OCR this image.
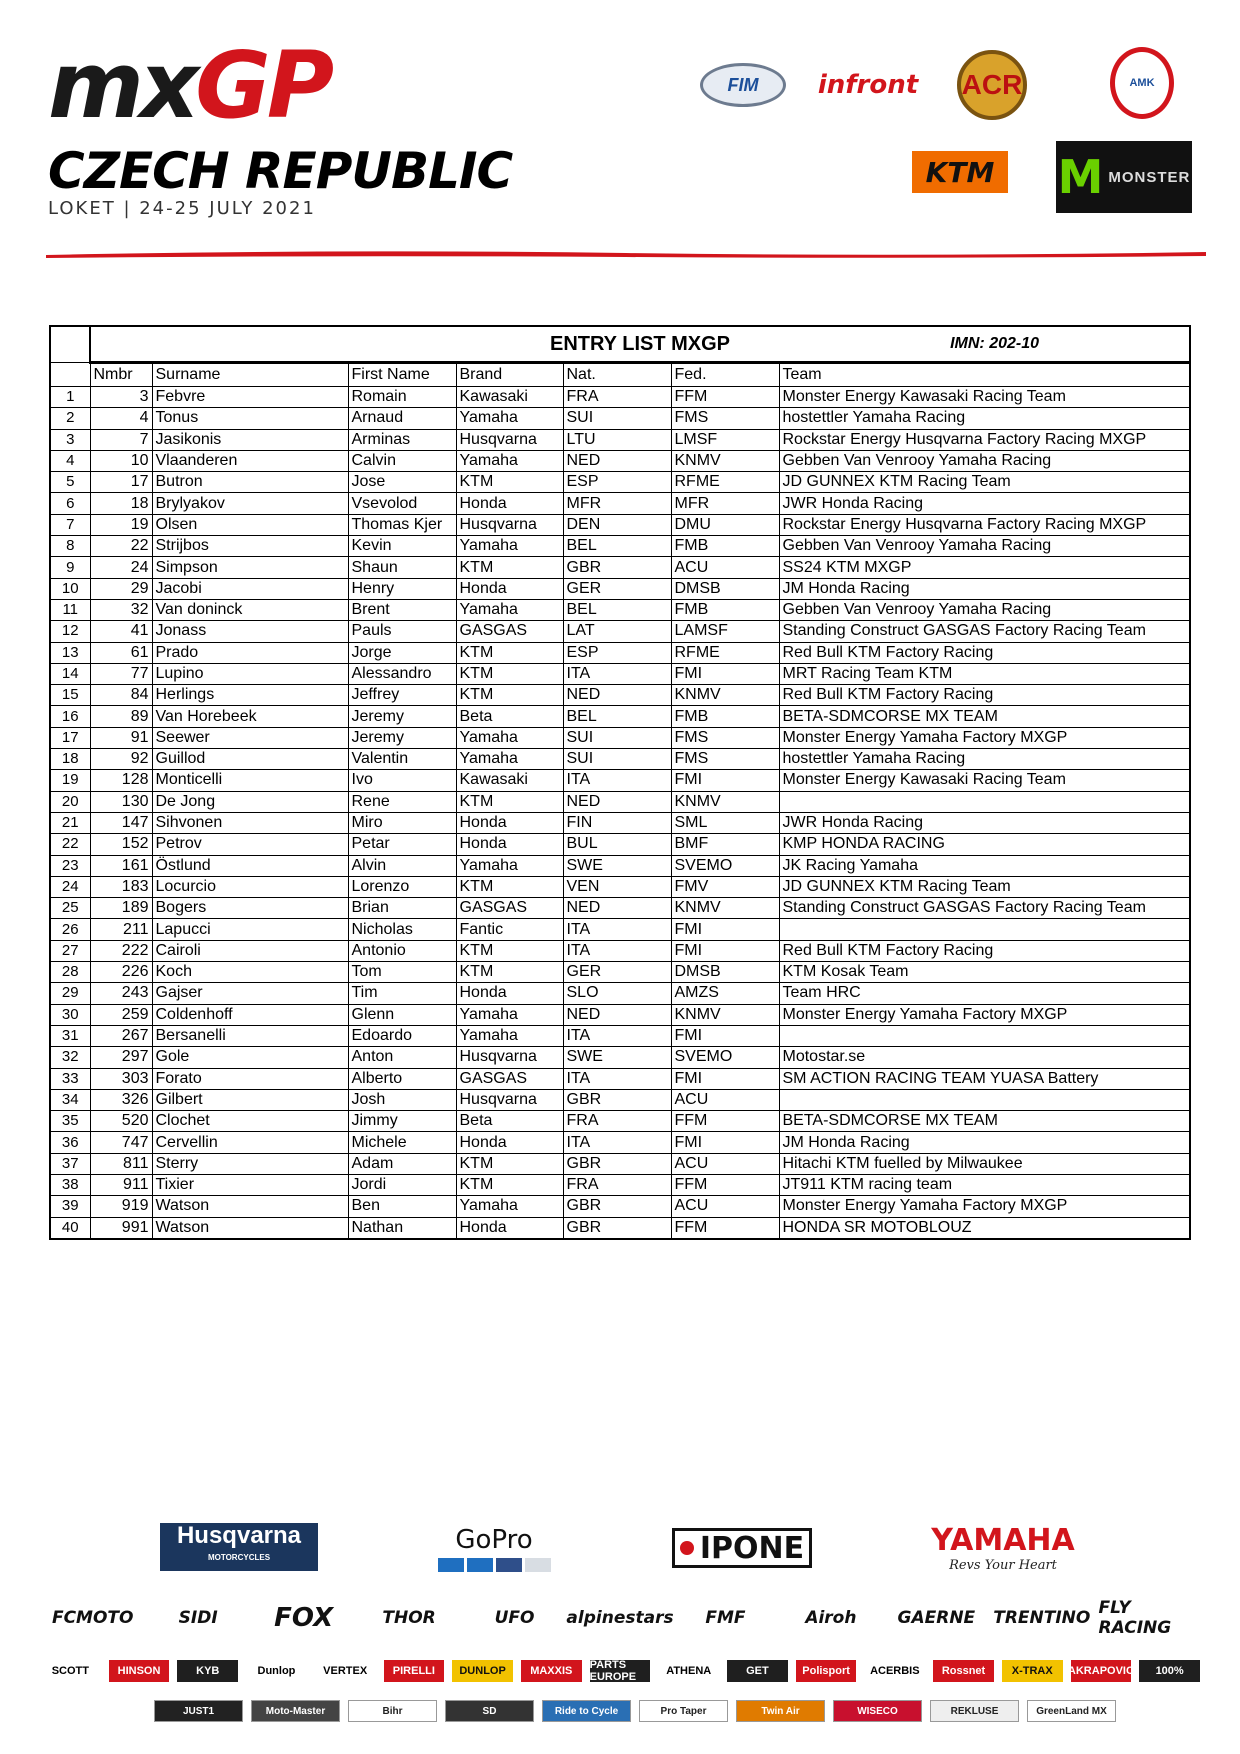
mxGP
CZECH REPUBLIC
LOKET | 24-25 JULY 2021
FIM	infront ACR	AMK
KTM M MONSTER
	ENTRY LIST MXGP IMN: 202-10						

	Nmbr	Surname	First Name	Brand	Nat.	Fed.	Team
1	3	Febvre	Romain	Kawasaki	FRA	FFM	Monster Energy Kawasaki Racing Team
2	4	Tonus	Arnaud	Yamaha	SUI	FMS	hostettler Yamaha Racing
3	7	Jasikonis	Arminas	Husqvarna	LTU	LMSF	Rockstar Energy Husqvarna Factory Racing MXGP
4	10	Vlaanderen	Calvin	Yamaha	NED	KNMV	Gebben Van Venrooy Yamaha Racing
5	17	Butron	Jose	KTM	ESP	RFME	JD GUNNEX KTM Racing Team
6	18	Brylyakov	Vsevolod	Honda	MFR	MFR	JWR Honda Racing
7	19	Olsen	Thomas Kjer	Husqvarna	DEN	DMU	Rockstar Energy Husqvarna Factory Racing MXGP
8	22	Strijbos	Kevin	Yamaha	BEL	FMB	Gebben Van Venrooy Yamaha Racing
9	24	Simpson	Shaun	KTM	GBR	ACU	SS24 KTM MXGP
10	29	Jacobi	Henry	Honda	GER	DMSB	JM Honda Racing
11	32	Van doninck	Brent	Yamaha	BEL	FMB	Gebben Van Venrooy Yamaha Racing
12	41	Jonass	Pauls	GASGAS	LAT	LAMSF	Standing Construct GASGAS Factory Racing Team
13	61	Prado	Jorge	KTM	ESP	RFME	Red Bull KTM Factory Racing
14	77	Lupino	Alessandro	KTM	ITA	FMI	MRT Racing Team KTM
15	84	Herlings	Jeffrey	KTM	NED	KNMV	Red Bull KTM Factory Racing
16	89	Van Horebeek	Jeremy	Beta	BEL	FMB	BETA-SDMCORSE MX TEAM
17	91	Seewer	Jeremy	Yamaha	SUI	FMS	Monster Energy Yamaha Factory MXGP
18	92	Guillod	Valentin	Yamaha	SUI	FMS	hostettler Yamaha Racing
19	128	Monticelli	Ivo	Kawasaki	ITA	FMI	Monster Energy Kawasaki Racing Team
20	130	De Jong	Rene	KTM	NED	KNMV	
21	147	Sihvonen	Miro	Honda	FIN	SML	JWR Honda Racing
22	152	Petrov	Petar	Honda	BUL	BMF	KMP HONDA RACING
23	161	Östlund	Alvin	Yamaha	SWE	SVEMO	JK Racing Yamaha
24	183	Locurcio	Lorenzo	KTM	VEN	FMV	JD GUNNEX KTM Racing Team
25	189	Bogers	Brian	GASGAS	NED	KNMV	Standing Construct GASGAS Factory Racing Team
26	211	Lapucci	Nicholas	Fantic	ITA	FMI	
27	222	Cairoli	Antonio	KTM	ITA	FMI	Red Bull KTM Factory Racing
28	226	Koch	Tom	KTM	GER	DMSB	KTM Kosak Team
29	243	Gajser	Tim	Honda	SLO	AMZS	Team HRC
30	259	Coldenhoff	Glenn	Yamaha	NED	KNMV	Monster Energy Yamaha Factory MXGP
31	267	Bersanelli	Edoardo	Yamaha	ITA	FMI	
32	297	Gole	Anton	Husqvarna	SWE	SVEMO	Motostar.se
33	303	Forato	Alberto	GASGAS	ITA	FMI	SM ACTION RACING TEAM YUASA Battery
34	326	Gilbert	Josh	Husqvarna	GBR	ACU	
35	520	Clochet	Jimmy	Beta	FRA	FFM	BETA-SDMCORSE MX TEAM
36	747	Cervellin	Michele	Honda	ITA	FMI	JM Honda Racing
37	811	Sterry	Adam	KTM	GBR	ACU	Hitachi KTM fuelled by Milwaukee
38	911	Tixier	Jordi	KTM	FRA	FFM	JT911 KTM racing team
39	919	Watson	Ben	Yamaha	GBR	ACU	Monster Energy Yamaha Factory MXGP
40	991	Watson	Nathan	Honda	GBR	FFM	HONDA SR MOTOBLOUZ
Husqvarna
MOTORCYCLES
GoPro	IPONE	YAMAHA
Revs Your Heart
FCMOTO	SIDI	FOX	THOR	UFO	alpinestars	FMF	Airoh	GAERNE	TRENTINO FLY RACING
SCOTT	HINSON	KYB	Dunlop	VERTEX	PIRELLI	DUNLOP	MAXXIS	PARTS EUROPE	ATHENA	GET	Polisport	ACERBIS	Rossnet	X-TRAX	AKRAPOVIC	100%
JUST1	Moto-Master	Bihr	SD	Ride to Cycle	Pro Taper	Twin Air	WISECO	REKLUSE	GreenLand MX
